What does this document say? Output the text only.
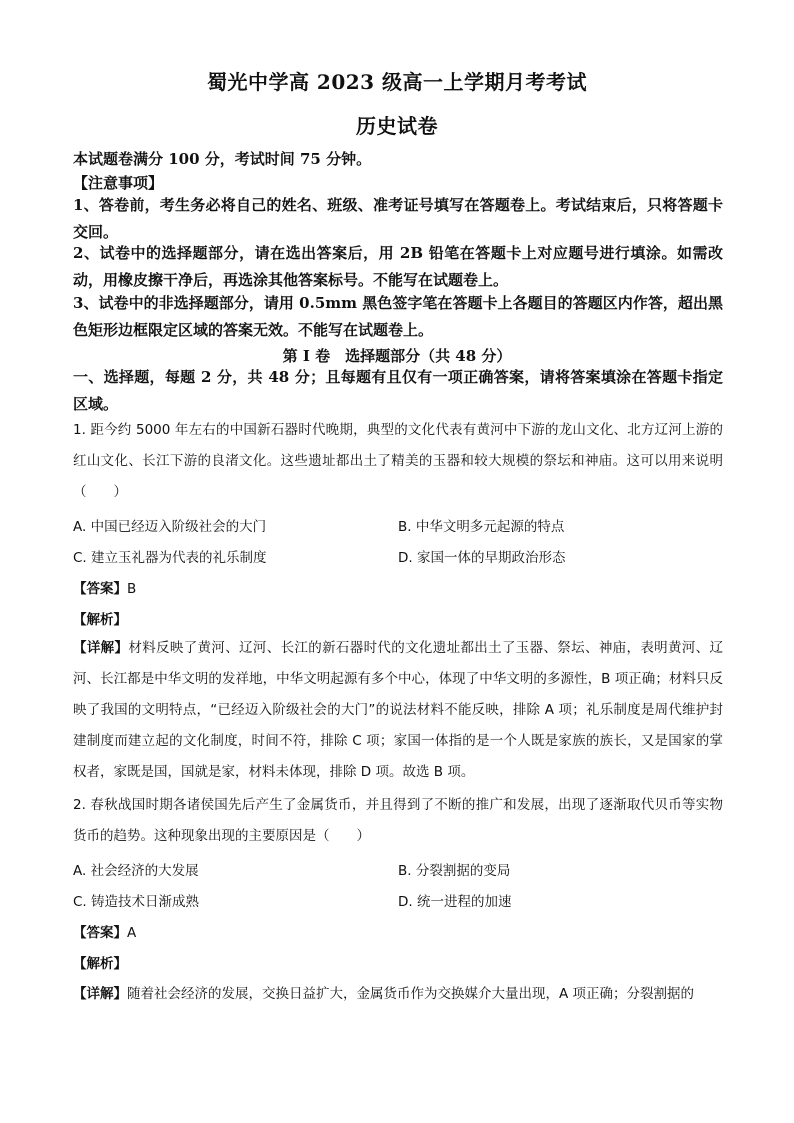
蜀光中学高 2023 级高一上学期月考考试
历史试卷
本试题卷满分 100 分，考试时间 75 分钟。
【注意事项】
1、答卷前，考生务必将自己的姓名、班级、准考证号填写在答题卷上。考试结束后，只将答题卡交回。
2、试卷中的选择题部分，请在选出答案后，用 2B 铅笔在答题卡上对应题号进行填涂。如需改动，用橡皮擦干净后，再选涂其他答案标号。不能写在试题卷上。
3、试卷中的非选择题部分，请用 0.5mm 黑色签字笔在答题卡上各题目的答题区内作答，超出黑色矩形边框限定区域的答案无效。不能写在试题卷上。
第 I 卷　选择题部分（共 48 分）
一、选择题，每题 2 分，共 48 分；且每题有且仅有一项正确答案，请将答案填涂在答题卡指定区域。
1. 距今约 5000 年左右的中国新石器时代晚期，典型的文化代表有黄河中下游的龙山文化、北方辽河上游的红山文化、长江下游的良渚文化。这些遗址都出土了精美的玉器和较大规模的祭坛和神庙。这可以用来说明（　　）
A. 中国已经迈入阶级社会的大门	B. 中华文明多元起源的特点
C. 建立玉礼器为代表的礼乐制度	D. 家国一体的早期政治形态
【答案】B
【解析】
【详解】材料反映了黄河、辽河、长江的新石器时代的文化遗址都出土了玉器、祭坛、神庙，表明黄河、辽河、长江都是中华文明的发祥地，中华文明起源有多个中心，体现了中华文明的多源性，B 项正确；材料只反映了我国的文明特点，“已经迈入阶级社会的大门”的说法材料不能反映，排除 A 项；礼乐制度是周代维护封建制度而建立起的文化制度，时间不符，排除 C 项；家国一体指的是一个人既是家族的族长，又是国家的掌权者，家既是国，国就是家，材料未体现，排除 D 项。故选 B 项。
2. 春秋战国时期各诸侯国先后产生了金属货币，并且得到了不断的推广和发展，出现了逐渐取代贝币等实物货币的趋势。这种现象出现的主要原因是（　　）
A. 社会经济的大发展	B. 分裂割据的变局
C. 铸造技术日渐成熟	D. 统一进程的加速
【答案】A
【解析】
【详解】随着社会经济的发展，交换日益扩大，金属货币作为交换媒介大量出现，A 项正确；分裂割据的
